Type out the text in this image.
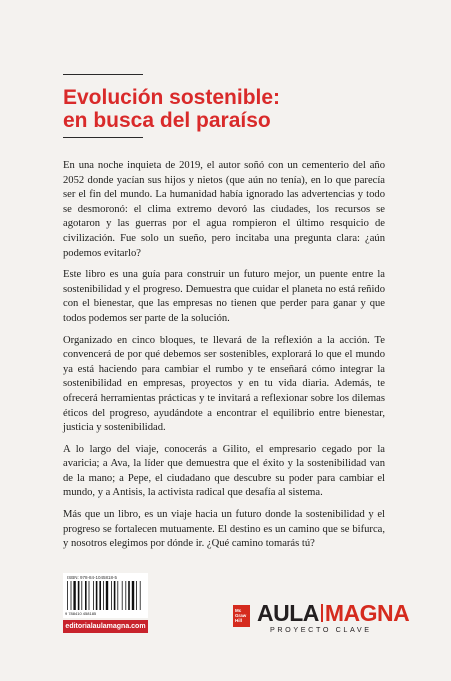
Evolución sostenible:
en busca del paraíso

En una noche inquieta de 2019, el autor soñó con un cementerio del año 2052 donde yacían sus hijos y nietos (que aún no tenía), en lo que parecía ser el fin del mundo. La humanidad había ignorado las advertencias y todo se desmoronó: el clima extremo devoró las ciudades, los recursos se agotaron y las guerras por el agua rompieron el último resquicio de civilización. Fue solo un sueño, pero incitaba una pregunta clara: ¿aún podemos evitarlo?

Este libro es una guía para construir un futuro mejor, un puente entre la sostenibilidad y el progreso. Demuestra que cuidar el planeta no está reñido con el bienestar, que las empresas no tienen que perder para ganar y que todos podemos ser parte de la solución.

Organizado en cinco bloques, te llevará de la reflexión a la acción. Te convencerá de por qué debemos ser sostenibles, explorará lo que el mundo ya está haciendo para cambiar el rumbo y te enseñará cómo integrar la sostenibilidad en empresas, proyectos y en tu vida diaria. Además, te ofrecerá herramientas prácticas y te invitará a reflexionar sobre los dilemas éticos del progreso, ayudándote a encontrar el equilibrio entre bienestar, justicia y sostenibilidad.

A lo largo del viaje, conocerás a Gilito, el empresario cegado por la avaricia; a Ava, la líder que demuestra que el éxito y la sostenibilidad van de la mano; a Pepe, el ciudadano que descubre su poder para cambiar el mundo, y a Antisis, la activista radical que desafía al sistema.

Más que un libro, es un viaje hacia un futuro donde la sostenibilidad y el progreso se fortalecen mutuamente. El destino es un camino que se bifurca, y nosotros elegimos por dónde ir. ¿Qué camino tomarás tú?

ISBN: 978-84-1045818-5
9 788410 458185
editorialaulamagna.com
Mc
Graw
Hill AULA MAGNA
PROYECTO CLAVE
